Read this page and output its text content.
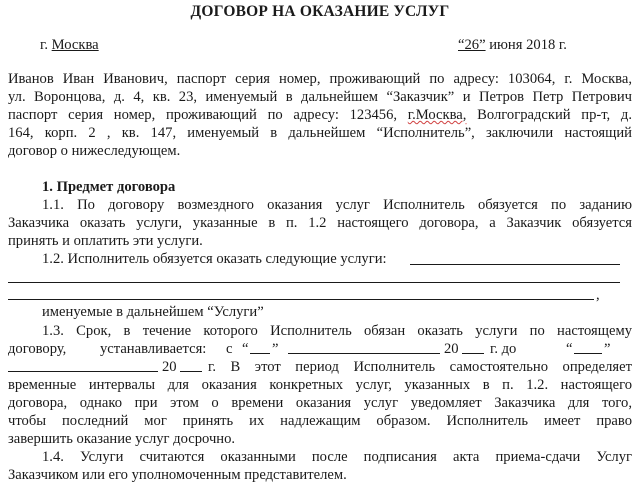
ДОГОВОР НА ОКАЗАНИЕ УСЛУГ
г. Москва	“26” июня 2018 г.
Иванов Иван Иванович, паспорт серия номер, проживающий по адресу: 103064, г. Москва,
ул. Воронцова, д. 4, кв. 23, именуемый в дальнейшем “Заказчик” и Петров Петр Петрович
паспорт серия номер, проживающий по адресу: 123456, г.Москва, Волгоградский пр-т, д.
164, корп. 2 , кв. 147, именуемый в дальнейшем “Исполнитель”, заключили настоящий
договор о нижеследующем.
1. Предмет договора
1.1. По договору возмездного оказания услуг Исполнитель обязуется по заданию
Заказчика оказать услуги, указанные в п. 1.2 настоящего договора, а Заказчик обязуется
принять и оплатить эти услуги.
1.2. Исполнитель обязуется оказать следующие услуги:
,
именуемые в дальнейшем “Услуги”
1.3. Срок, в течение которого Исполнитель обязан оказать услуги по настоящему
договору, устанавливается: с “ ”	20 г. до	“ ”
20 г. В этот период Исполнитель самостоятельно определяет
временные интервалы для оказания конкретных услуг, указанных в п. 1.2. настоящего
договора, однако при этом о времени оказания услуг уведомляет Заказчика для того,
чтобы последний мог принять их надлежащим образом. Исполнитель имеет право
завершить оказание услуг досрочно.
1.4. Услуги считаются оказанными после подписания акта приема-сдачи Услуг
Заказчиком или его уполномоченным представителем.
